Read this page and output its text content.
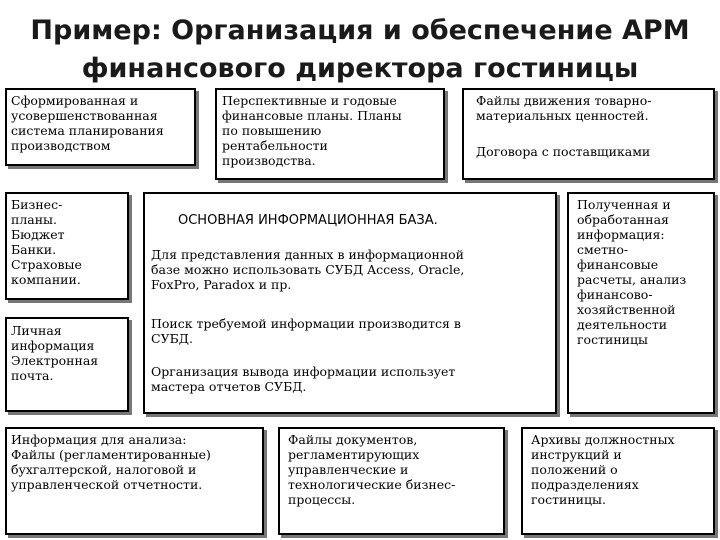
Пример: Организация и обеспечение АРМ
финансового директора гостиницы
Сформированная и
усовершенствованная
система планирования
производством
Перспективные и годовые
финансовые планы. Планы
по повышению
рентабельности
производства.
Файлы движения товарно-
материальных ценностей.
Договора с поставщиками
Бизнес-
планы.
Бюджет
Банки.
Страховые
компании.
Личная
информация
Электронная
почта.
ОСНОВНАЯ ИНФОРМАЦИОННАЯ БАЗА.
Для представления данных в информационной
базе можно использовать СУБД Access, Oracle,
FoxPro, Paradox и пр.
Поиск требуемой информации производится в
СУБД.
Организация вывода информации использует
мастера отчетов СУБД.
Полученная и
обработанная
информация:
сметно-
финансовые
расчеты, анализ
финансово-
хозяйственной
деятельности
гостиницы
Информация для анализа:
Файлы (регламентированные)
бухгалтерской, налоговой и
управленческой отчетности.
Файлы документов,
регламентирующих
управленческие и
технологические бизнес-
процессы.
Архивы должностных
инструкций и
положений о
подразделениях
гостиницы.
